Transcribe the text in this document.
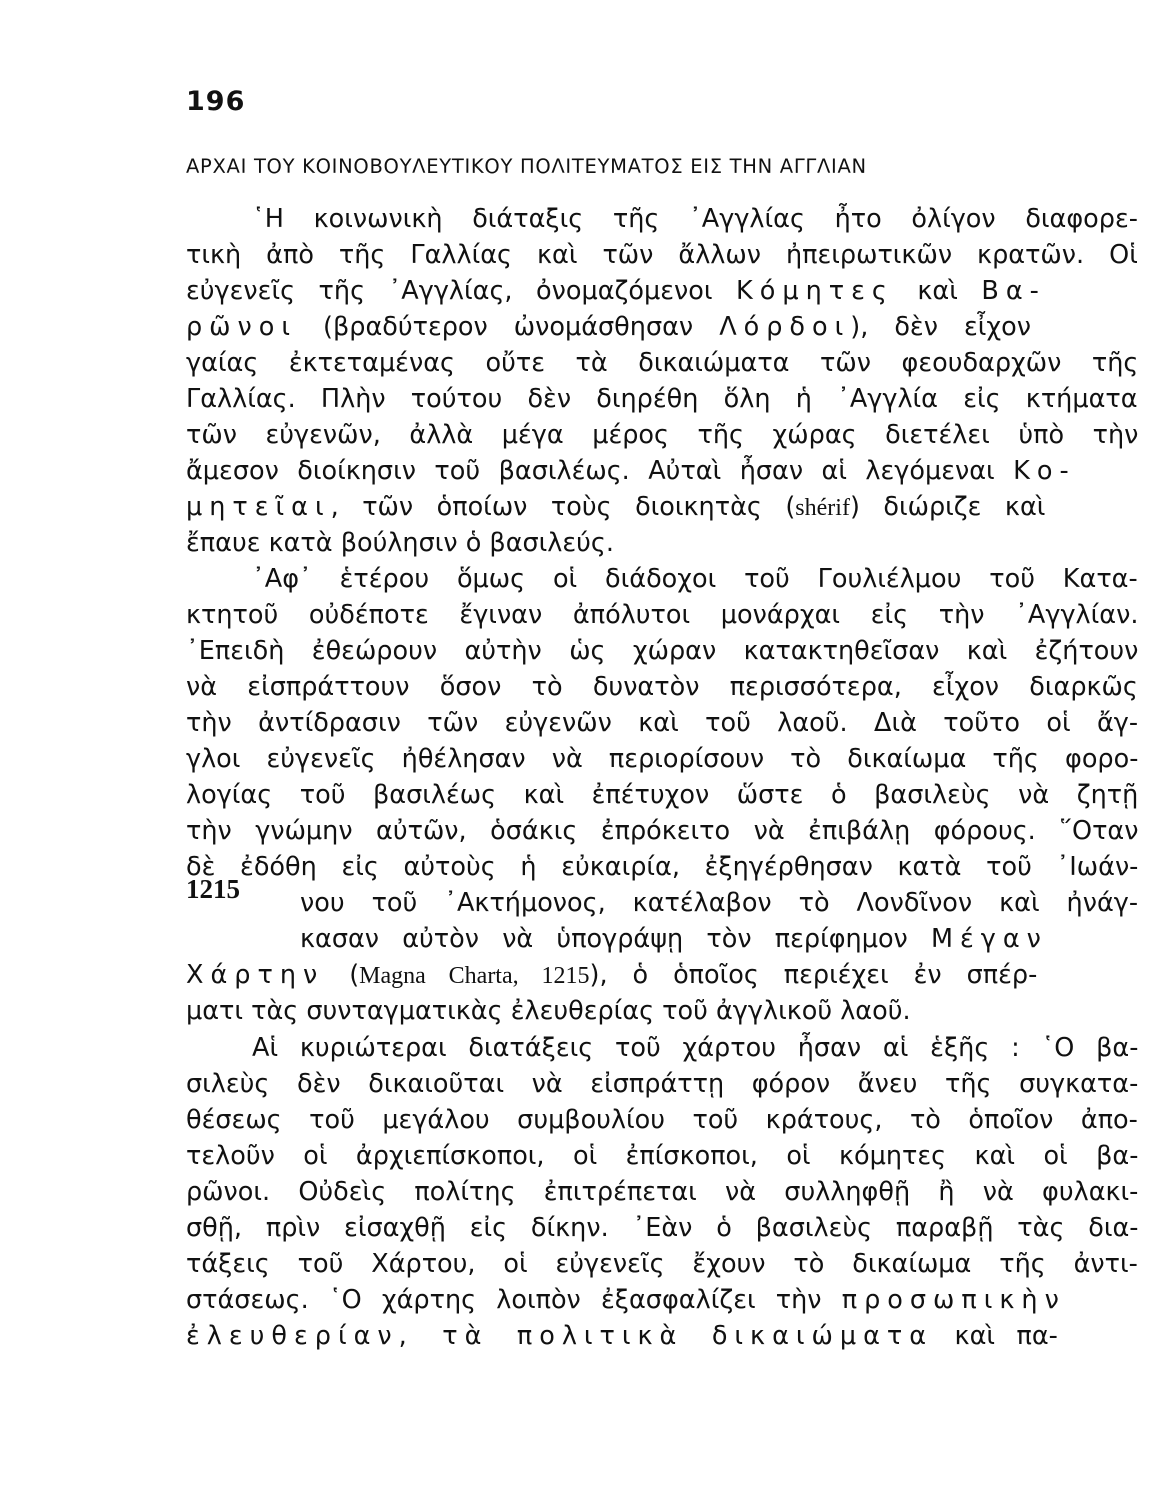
196
ΑΡΧΑΙ ΤΟΥ ΚΟΙΝΟΒΟΥΛΕΥΤΙΚΟΥ ΠΟΛΙΤΕΥΜΑΤΟΣ ΕΙΣ ΤΗΝ ΑΓΓΛΙΑΝ
῾Η κοινωνικὴ διάταξις τῆς ᾿Αγγλίας ἦτο ὀλίγον διαφορε-
τικὴ ἀπὸ τῆς Γαλλίας καὶ τῶν ἄλλων ἠπειρωτικῶν κρατῶν. Οἱ
εὐγενεῖς τῆς ᾿Αγγλίας, ὀνομαζόμενοι Κόμητες καὶ Βα-
ρῶνοι (βραδύτερον ὠνομάσθησαν Λόρδοι), δὲν εἶχον
γαίας ἐκτεταμένας οὔτε τὰ δικαιώματα τῶν φεουδαρχῶν τῆς
Γαλλίας. Πλὴν τούτου δὲν διηρέθη ὅλη ἡ ᾿Αγγλία εἰς κτήματα
τῶν εὐγενῶν, ἀλλὰ μέγα μέρος τῆς χώρας διετέλει ὑπὸ τὴν
ἄμεσον διοίκησιν τοῦ βασιλέως. Αὐταὶ ἦσαν αἱ λεγόμεναι Κο-
μητεῖαι, τῶν ὁποίων τοὺς διοικητὰς (shérif) διώριζε καὶ
ἔπαυε κατὰ βούλησιν ὁ βασιλεύς.
᾿Αφ᾿ ἑτέρου ὅμως οἱ διάδοχοι τοῦ Γουλιέλμου τοῦ Κατα-
κτητοῦ οὐδέποτε ἔγιναν ἀπόλυτοι μονάρχαι εἰς τὴν ᾿Αγγλίαν.
᾿Επειδὴ ἐθεώρουν αὐτὴν ὡς χώραν κατακτηθεῖσαν καὶ ἐζήτουν
νὰ εἰσπράττουν ὅσον τὸ δυνατὸν περισσότερα, εἶχον διαρκῶς
τὴν ἀντίδρασιν τῶν εὐγενῶν καὶ τοῦ λαοῦ. Διὰ τοῦτο οἱ ἄγ-
γλοι εὐγενεῖς ἠθέλησαν νὰ περιορίσουν τὸ δικαίωμα τῆς φορο-
λογίας τοῦ βασιλέως καὶ ἐπέτυχον ὥστε ὁ βασιλεὺς νὰ ζητῇ
τὴν γνώμην αὐτῶν, ὁσάκις ἐπρόκειτο νὰ ἐπιβάλῃ φόρους. ῞Οταν
δὲ ἐδόθη εἰς αὐτοὺς ἡ εὐκαιρία, ἐξηγέρθησαν κατὰ τοῦ ᾿Ιωάν-
1215 νου τοῦ ᾿Ακτήμονος, κατέλαβον τὸ Λονδῖνον καὶ ἠνάγ-
κασαν αὐτὸν νὰ ὑπογράψῃ τὸν περίφημον Μέγαν
Χάρτην (Magna Charta, 1215), ὁ ὁποῖος περιέχει ἐν σπέρ-
ματι τὰς συνταγματικὰς ἐλευθερίας τοῦ ἀγγλικοῦ λαοῦ.
Αἱ κυριώτεραι διατάξεις τοῦ χάρτου ἦσαν αἱ ἑξῆς : ῾Ο βα-
σιλεὺς δὲν δικαιοῦται νὰ εἰσπράττῃ φόρον ἄνευ τῆς συγκατα-
θέσεως τοῦ μεγάλου συμβουλίου τοῦ κράτους, τὸ ὁποῖον ἀπο-
τελοῦν οἱ ἀρχιεπίσκοποι, οἱ ἐπίσκοποι, οἱ κόμητες καὶ οἱ βα-
ρῶνοι. Οὐδεὶς πολίτης ἐπιτρέπεται νὰ συλληφθῇ ἢ νὰ φυλακι-
σθῇ, πρὶν εἰσαχθῇ εἰς δίκην. ᾿Εὰν ὁ βασιλεὺς παραβῇ τὰς δια-
τάξεις τοῦ Χάρτου, οἱ εὐγενεῖς ἔχουν τὸ δικαίωμα τῆς ἀντι-
στάσεως. ῾Ο χάρτης λοιπὸν ἐξασφαλίζει τὴν προσωπικὴν
ἐλευθερίαν, τὰ πολιτικὰ δικαιώματα καὶ πα-
